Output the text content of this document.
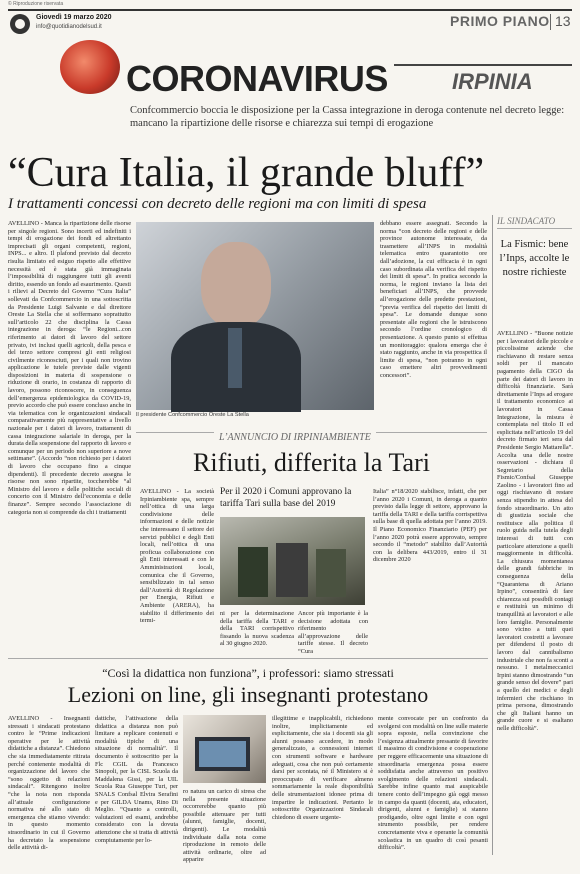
© Riproduzione riservata
Giovedì 19 marzo 2020
info@quotidianodelsud.it	PRIMO PIANO 13
CORONAVIRUS	IRPINIA
Confcommercio boccia le disposizione per la Cassa integrazione in deroga contenute nel decreto legge: mancano la ripartizione delle risorse e chiarezza sui tempi di erogazione
“Cura Italia, il grande bluff”
I trattamenti concessi con decreto delle regioni ma con limiti di spesa
AVELLINO - Manca la ripartizione delle risorse per singole regioni. Sono incerti ed indefiniti i tempi di erogazione dei fondi ed altrettanto imprecisati gli organi competenti, regioni, INPS... e altro. Il plafond previsto dal decreto risulta limitato ed esiguo rispetto alle effettive necessità ed è stata già immaginata l’impossibilità di raggiungere tutti gli aventi diritto, essendo un fondo ad esaurimento. Questi i rilievi al Decreto del Governo “Cura Italia” sollevati da Confcommercio in una sottoscritta da Presidente Luigi Salvante e dal direttore Oreste La Stella che si soffermano soprattutto sull’articolo 22 che disciplina la Cassa integrazione in deroga: “le Regioni...con riferimento ai datori di lavoro del settore privato, ivi inclusi quelli agricoli, della pesca e del terzo settore compresi gli enti religiosi civilmente riconosciuti, per i quali non trovino applicazione le tutele previste dalle vigenti disposizioni in materia di sospensione o riduzione di orario, in costanza di rapporto di lavoro, possono riconoscere, in conseguenza dell’emergenza epidemiologica da COVID-19, previo accordo che può essere concluso anche in via telematica con le organizzazioni sindacali comparativamente più rappresentative a livello nazionale per i datori di lavoro, trattamenti di cassa integrazione salariale in deroga, per la durata della sospensione del rapporto di lavoro e comunque per un periodo non superiore a nove settimane”. (Accordo “non richiesto per i datori di lavoro che occupano fino a cinque dipendenti). Il precedente decreto assegna le risorse non sono ripartite, toccherebbe “al Ministro del lavoro e delle politiche sociali di concerto con il Ministro dell’economia e delle finanze”. Sempre secondo l’associazione di categoria non si comprende da chi i trattamenti
Il presidente Confcommercio Oreste La Stella
debbano essere assegnati. Secondo la norma “con decreto delle regioni e delle province autonome interessate, da trasmettere all’INPS in modalità telematica entro quarantotto ore dall’adozione, la cui efficacia è in ogni caso subordinata alla verifica del rispetto dei limiti di spesa”. In pratica secondo la norma, le regioni inviano la lista dei beneficiari all’INPS, che provvede all’erogazione delle predette prestazioni, “previa verifica del rispetto dei limiti di spesa”. Le domande dunque sono presentate alle regioni che le istruiscono secondo l’ordine cronologico di presentazione. A questo punto si effettua un monitoraggio: qualora emerga che è stato raggiunto, anche in via prospettica il limite di spesa, “non potranno in ogni caso emettere altri provvedimenti concessori”.
IL SINDACATO
La Fismic: bene l’Inps, accolte le nostre richieste
AVELLINO - “Buone notizie per i lavoratori delle piccole e piccolissime aziende che rischiavano di restare senza soldi per il mancato pagamento della CIGO da parte dei datori di lavoro in difficoltà finanziarie. Sarà direttamente l’Inps ad erogare il trattamento economico ai lavoratori in Cassa Integrazione, la misura è contemplata nel titolo II ed esplicitata nell’articolo 19 del decreto firmato ieri sera dal Presidente Sergio Mattarella”. Accolta una delle nostre osservazioni - dichiara il Segretario della Fismic/Confsal Giuseppe Zaolino - i lavoratori fino ad oggi rischiavano di restare senza stipendio in attesa del fondo straordinario. Un atto di giustizia sociale che restituisce alla politica il ruolo guida nella tutela degli interessi di tutti con particolare attenzione a quelli maggiormente in difficoltà. La chiusura momentanea delle grandi fabbriche in conseguenza della “Quarantena di Ariano Irpino”, consentirà di fare chiarezza sui possibili contagi e restituirà un minimo di tranquillità ai lavoratori e alle loro famiglie. Personalmente sono vicino a tutti quei lavoratori costretti a lavorare per difendersi il posto di lavoro dal cannibalismo industriale che non fa sconti a nessuno. I metalmeccanici Irpini stanno dimostrando “un grande senso del dovere” pari a quello dei medici e degli infermieri che rischiano in prima persona, dimostrando che gli Italiani hanno un grande cuore e si esaltano nelle difficoltà”.
L’ANNUNCIO DI IRPINIAMBIENTE
Rifiuti, differita la Tari
AVELLINO - La società Irpiniambiente spa, sempre nell’ottica di una larga condivisione delle informazioni e delle notizie che interessano il settore dei servizi pubblici e degli Enti locali, nell’ottica di una proficua collaborazione con gli Enti interessati e con le Amministrazioni locali, comunica che il Governo, sensibilizzato in tal senso dall’Autorità di Regolazione per Energia, Rifiuti e Ambiente (ARERA), ha stabilito il differimento dei termi-
Per il 2020 i Comuni approvano la tariffa Tari sulla base del 2019
ni per la determinazione della tariffa della TARI e della TARI corrispettivo fissando la nuova scadenza al 30 giugno 2020.
Ancor più importante è la decisione adottata con riferimento all’approvazione delle tariffe stesse. Il decreto “Cura
Italia” n°18/2020 stabilisce, infatti, che per l’anno 2020 i Comuni, in deroga a quanto previsto dalla legge di settore, approvano la tariffa della TARI e della tariffa corrispettiva sulla base di quella adottata per l’anno 2019. Il Piano Economico Finanziario (PEF) per l’anno 2020 potrà essere approvato, sempre secondo il “metodo” stabilito dall’Autorità con la delibera 443/2019, entro il 31 dicembre 2020
“Così la didattica non funziona”, i professori: siamo stressati
Lezioni on line, gli insegnanti protestano
AVELLINO - Insegnanti stressati i sindacati protestano contro le “Prime indicazioni operative per le attività didattiche a distanza”. Chiedono che sia immediatamente ritirata perché contenente modalità di organizzazione del lavoro che “sono oggetto di relazioni sindacali”. Ritengono inoltre “che la nota non risponda all’attuale configurazione normativa né allo stato di emergenza che stiamo vivendo: in questo momento straordinario in cui il Governo ha decretato la sospensione delle attività di-
dattiche, l’attivazione della didattica a distanza non può limitare a replicare contenuti e modalità tipiche di una situazione di normalità”. Il documento è sottoscritto per la Flc CGIL da Francesco Sinopoli, per la CISL Scuola da Maddalena Gissi, per la UIL Scuola Rua Giuseppe Turi, per SNALS Confsal Elvira Serafini e per GILDA Unams, Rino Di Meglio. “Quanto a controlli, valutazioni ed esami, andrebbe considerato con la dovuta attenzione che si tratta di attività compiutamente per lo-
ro natura un carico di stress che nella presente situazione occorrerebbe quanto più possibile attenuare per tutti (alunni, famiglie, docenti, dirigenti). Le modalità individuate dalla nota come riproduzione in remoto delle attività ordinarie, oltre ad apparire
illegittime e inapplicabili, richiedono inoltre, implicitamente ed esplicitamente, che sia i docenti sia gli alunni possano accedere, in modo generalizzato, a connessioni internet con strumenti software e hardware adeguati, cosa che non può certamente darsi per scontata, né il Ministero si è preoccupato di verificare almeno sommariamente la reale disponibilità delle strumentazioni idonee prima di impartire le indicazioni. Pertanto le sottoscritte Organizzazioni Sindacali chiedono di essere urgente-
mente convocate per un confronto da svolgersi con modalità on line sulle materie sopra esposte, nella convinzione che l’esigenza attualmente pressante di favorire il massimo di condivisione e cooperazione per reggere efficacemente una situazione di straordinaria emergenza possa essere soddisfatta anche attraverso un positivo svolgimento delle relazioni sindacali. Sarebbe infine quanto mai auspicabile tenere conto dell’impegno già oggi messo in campo da quanti (docenti, ata, educatori, dirigenti, alunni e famiglie) si stanno prodigando, oltre ogni limite e con ogni strumento possibile, per rendere concretamente viva e operante la comunità scolastica in un quadro di così pesanti difficoltà”.
